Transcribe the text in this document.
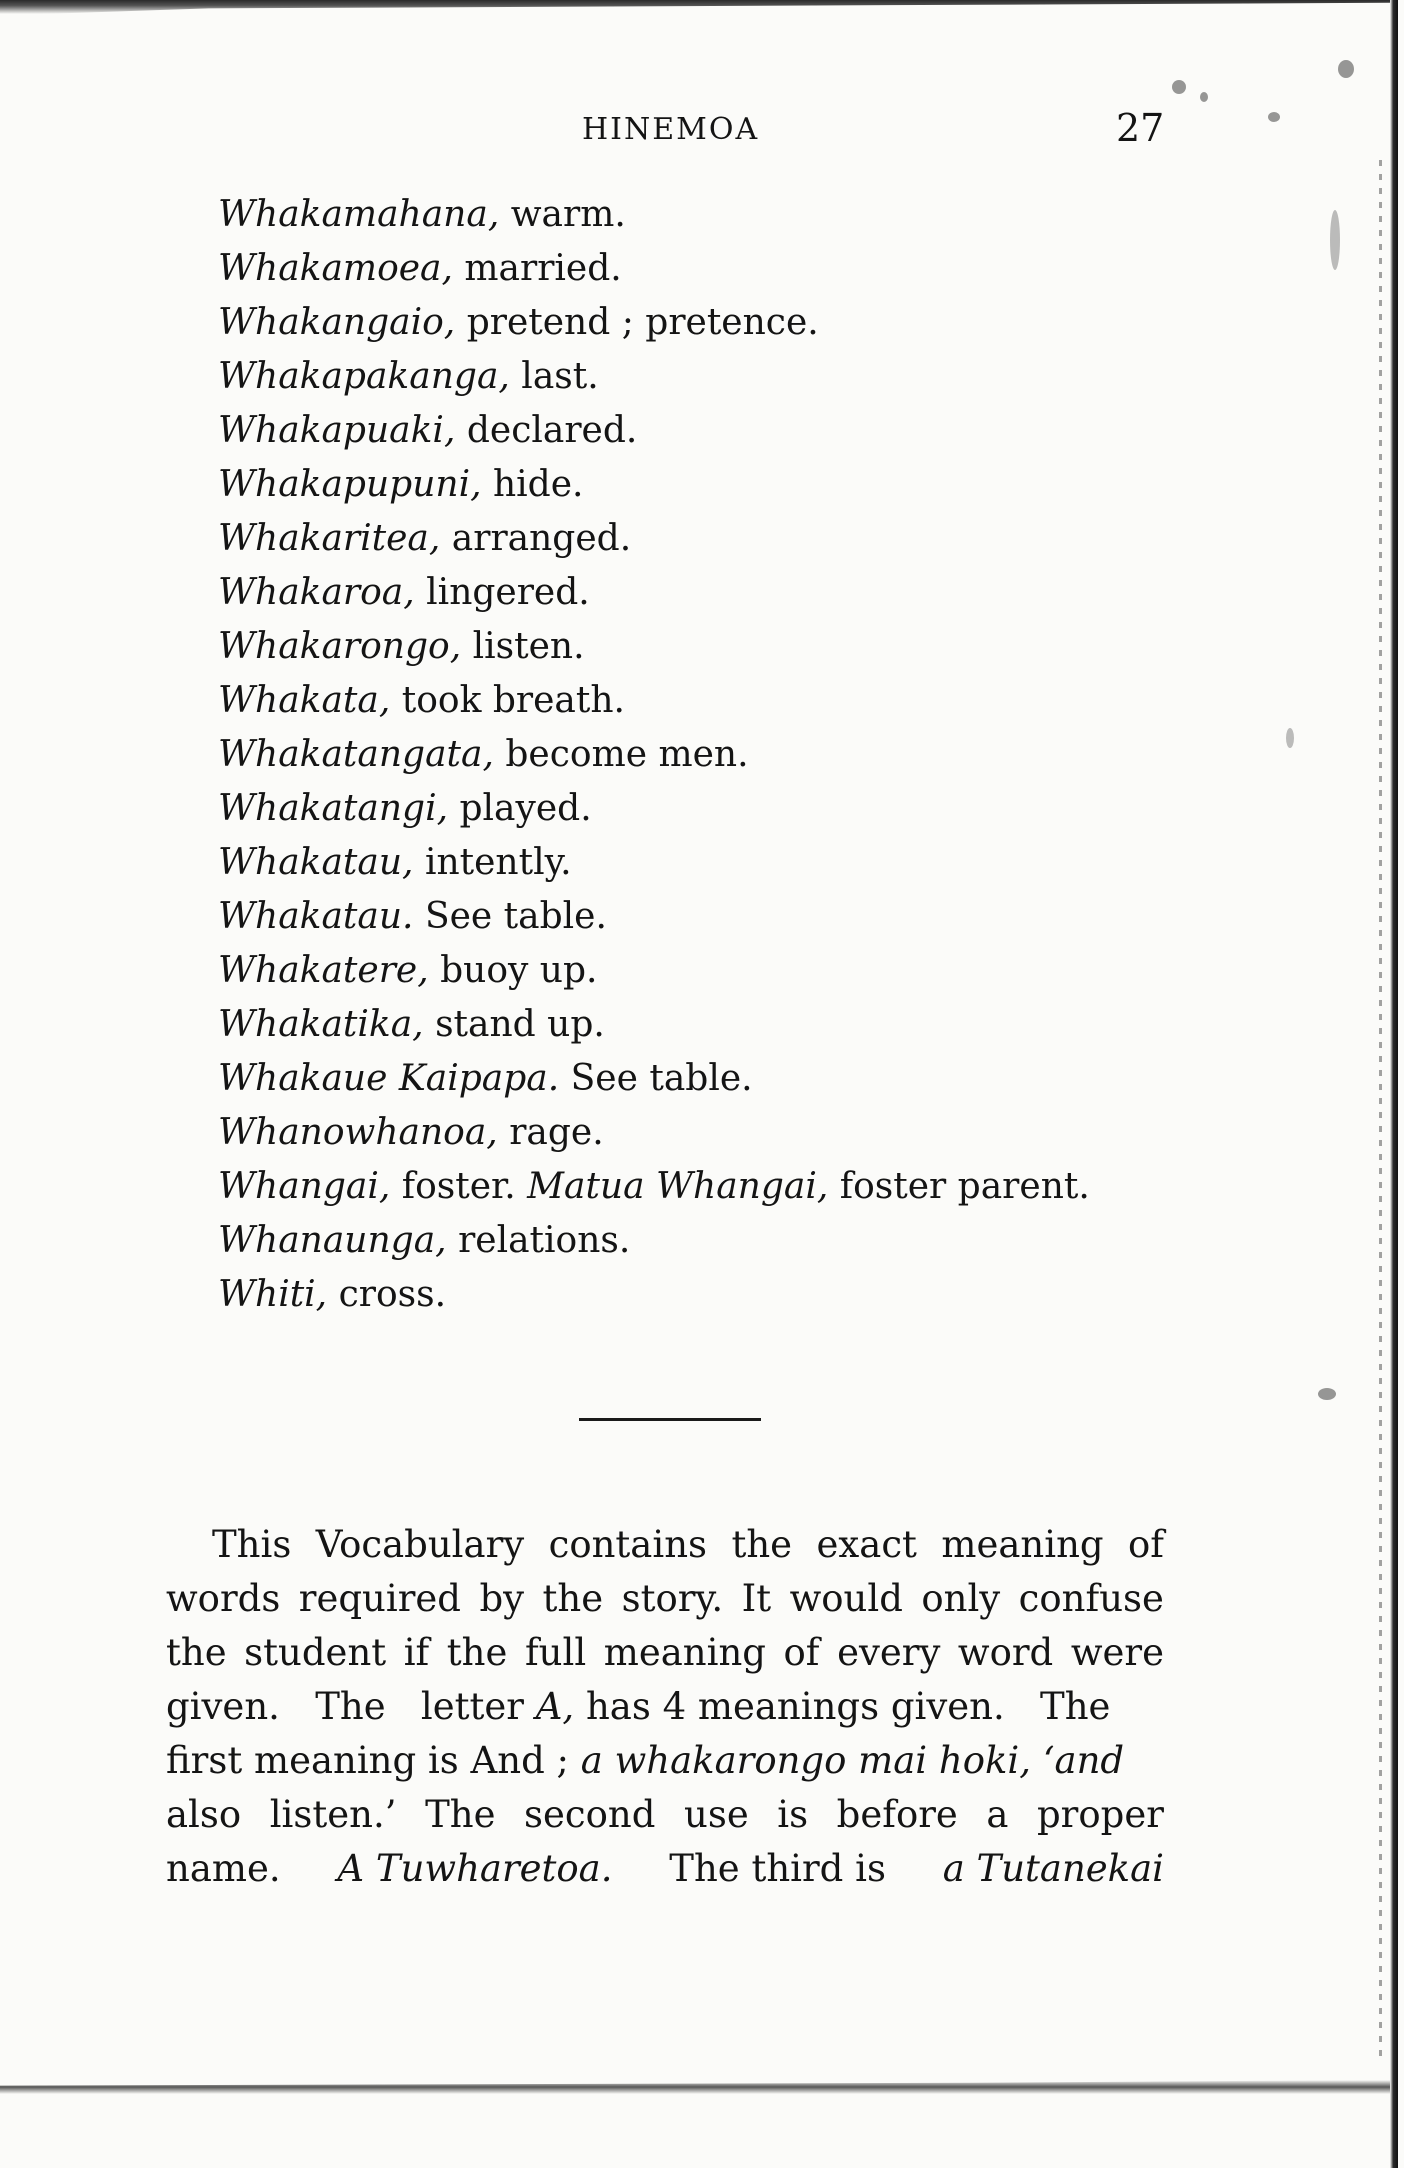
HINEMOA	27
Whakamahana, warm.
Whakamoea, married.
Whakangaio, pretend ; pretence.
Whakapakanga, last.
Whakapuaki, declared.
Whakapupuni, hide.
Whakaritea, arranged.
Whakaroa, lingered.
Whakarongo, listen.
Whakata, took breath.
Whakatangata, become men.
Whakatangi, played.
Whakatau, intently.
Whakatau. See table.
Whakatere, buoy up.
Whakatika, stand up.
Whakaue Kaipapa. See table.
Whanowhanoa, rage.
Whangai, foster. Matua Whangai, foster parent.
Whanaunga, relations.
Whiti, cross.
This Vocabulary contains the exact meaning of
words required by the story. It would only confuse
the student if the full meaning of every word were
given.   The   letter A, has 4 meanings given.   The
first meaning is And ; a whakarongo mai hoki, ‘and
also listen.’ The second use is before a proper
name. A Tuwharetoa. The third is a Tutanekai
